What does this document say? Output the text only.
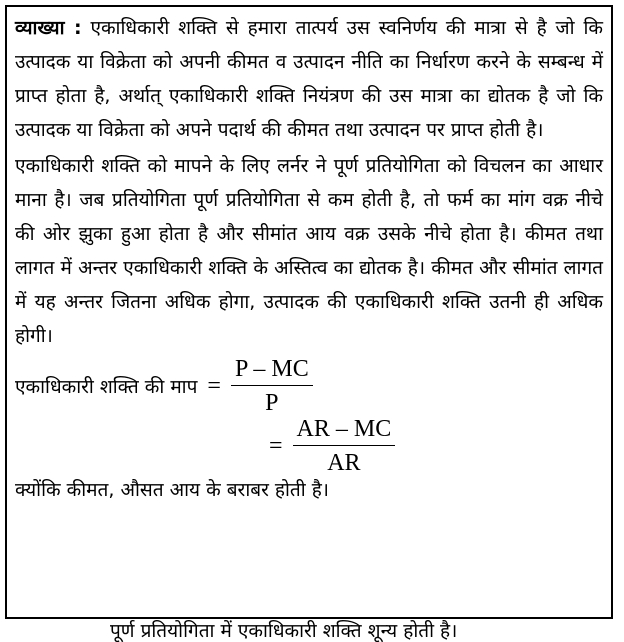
व्याख्या : एकाधिकारी शक्ति से हमारा तात्पर्य उस स्वनिर्णय की मात्रा से है जो कि उत्पादक या विक्रेता को अपनी कीमत व उत्पादन नीति का निर्धारण करने के सम्बन्ध में प्राप्त होता है, अर्थात् एकाधिकारी शक्ति नियंत्रण की उस मात्रा का द्योतक है जो कि उत्पादक या विक्रेता को अपने पदार्थ की कीमत तथा उत्पादन पर प्राप्त होती है।

एकाधिकारी शक्ति को मापने के लिए लर्नर ने पूर्ण प्रतियोगिता को विचलन का आधार माना है। जब प्रतियोगिता पूर्ण प्रतियोगिता से कम होती है, तो फर्म का मांग वक्र नीचे की ओर झुका हुआ होता है और सीमांत आय वक्र उसके नीचे होता है। कीमत तथा लागत में अन्तर एकाधिकारी शक्ति के अस्तित्व का द्योतक है। कीमत और सीमांत लागत में यह अन्तर जितना अधिक होगा, उत्पादक की एकाधिकारी शक्ति उतनी ही अधिक होगी।

एकाधिकारी शक्ति की माप = $\frac{P - MC}{P}$
= $\frac{AR - MC}{AR}$

क्योंकि कीमत, औसत आय के बराबर होती है।

पूर्ण प्रतियोगिता में एकाधिकारी शक्ति शून्य होती है।
